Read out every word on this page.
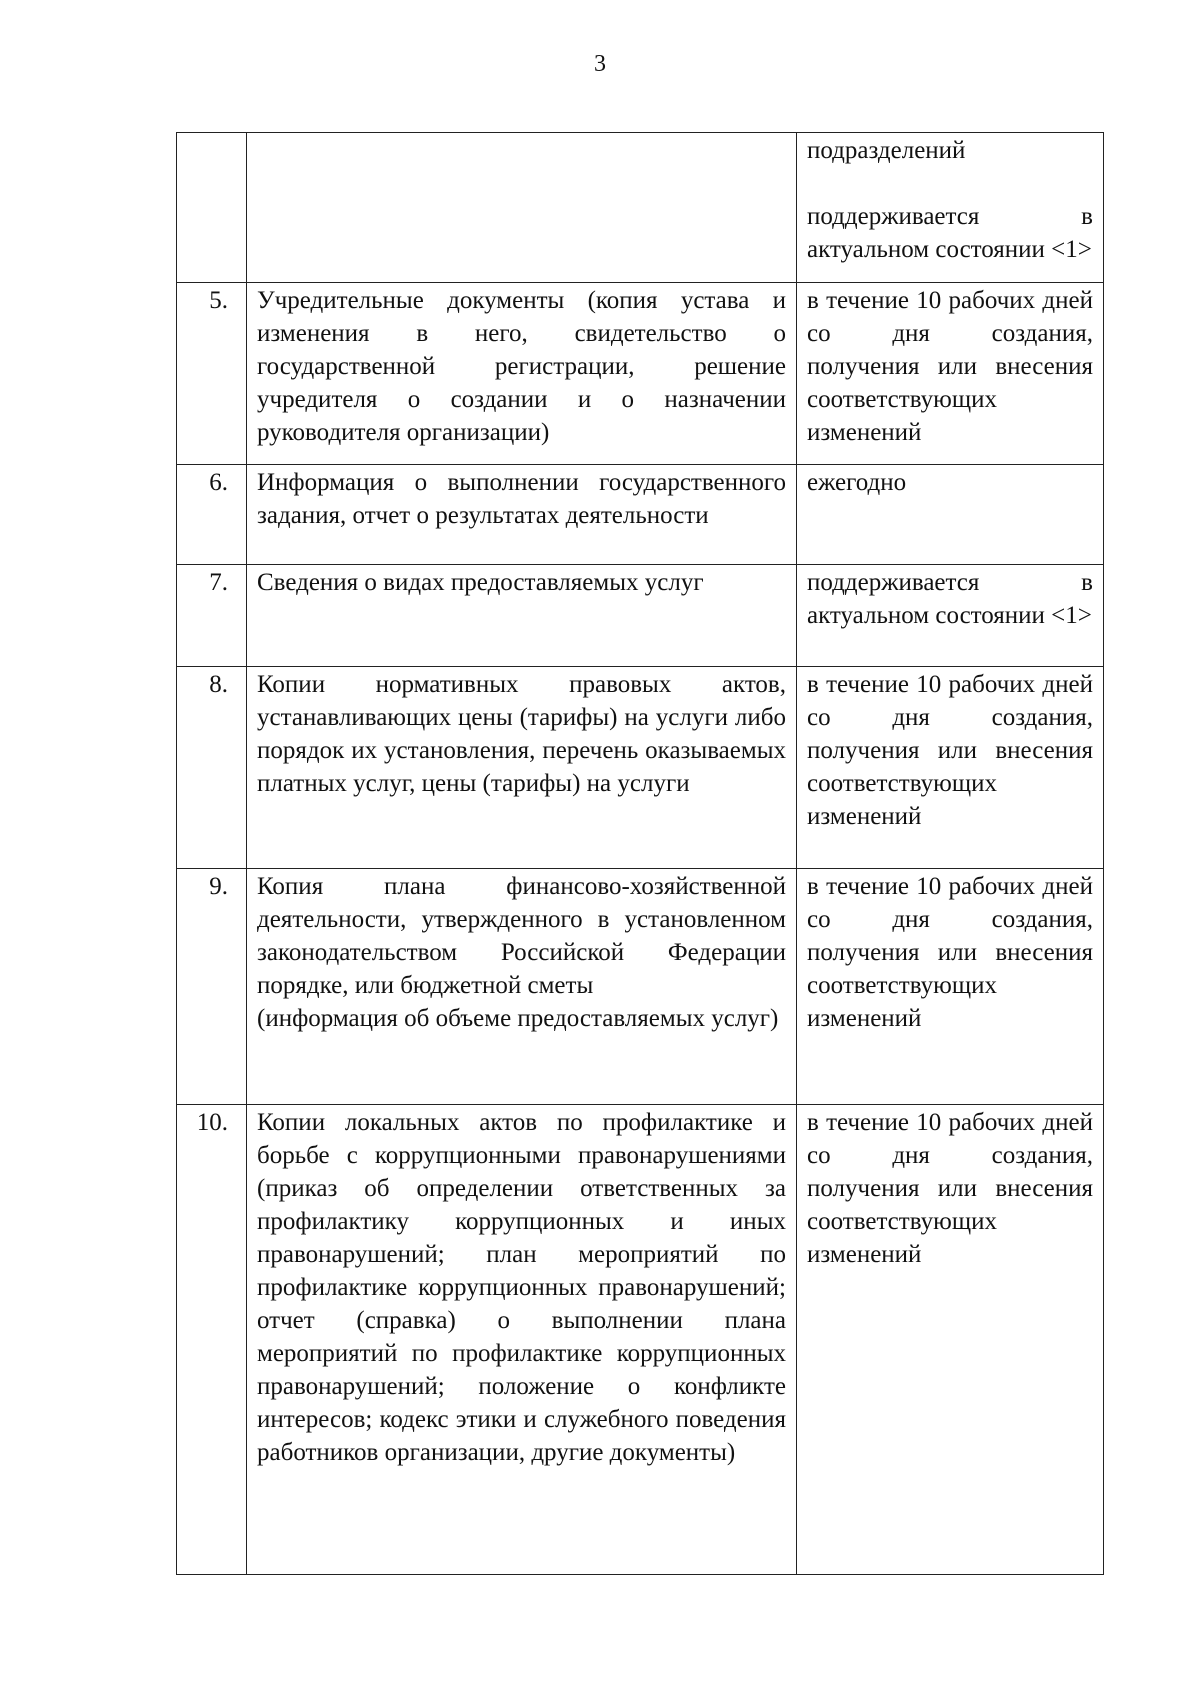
3

		подразделений
поддерживается в актуальном состоянии <1>

5.	Учредительные документы (копия устава и изменения в него, свидетельство о государственной регистрации, решение учредителя о создании и о назначении руководителя организации)	в течение 10 рабочих дней со дня создания, получения или внесения соответствующих изменений

6.	Информация о выполнении государственного задания, отчет о результатах деятельности	ежегодно

7.	Сведения о видах предоставляемых услуг	поддерживается в актуальном состоянии <1>

8.	Копии нормативных правовых актов, устанавливающих цены (тарифы) на услуги либо порядок их установления, перечень оказываемых платных услуг, цены (тарифы) на услуги	в течение 10 рабочих дней со дня создания, получения или внесения соответствующих изменений

9.	Копия плана финансово-хозяйственной деятельности, утвержденного в установленном законодательством Российской Федерации порядке, или бюджетной сметы
(информация об объеме предоставляемых услуг)	в течение 10 рабочих дней со дня создания, получения или внесения соответствующих изменений

10.	Копии локальных актов по профилактике и борьбе с коррупционными правонарушениями (приказ об определении ответственных за профилактику коррупционных и иных правонарушений; план мероприятий по профилактике коррупционных правонарушений; отчет (справка) о выполнении плана мероприятий по профилактике коррупционных правонарушений; положение о конфликте интересов; кодекс этики и служебного поведения работников организации, другие документы)	в течение 10 рабочих дней со дня создания, получения или внесения соответствующих изменений
